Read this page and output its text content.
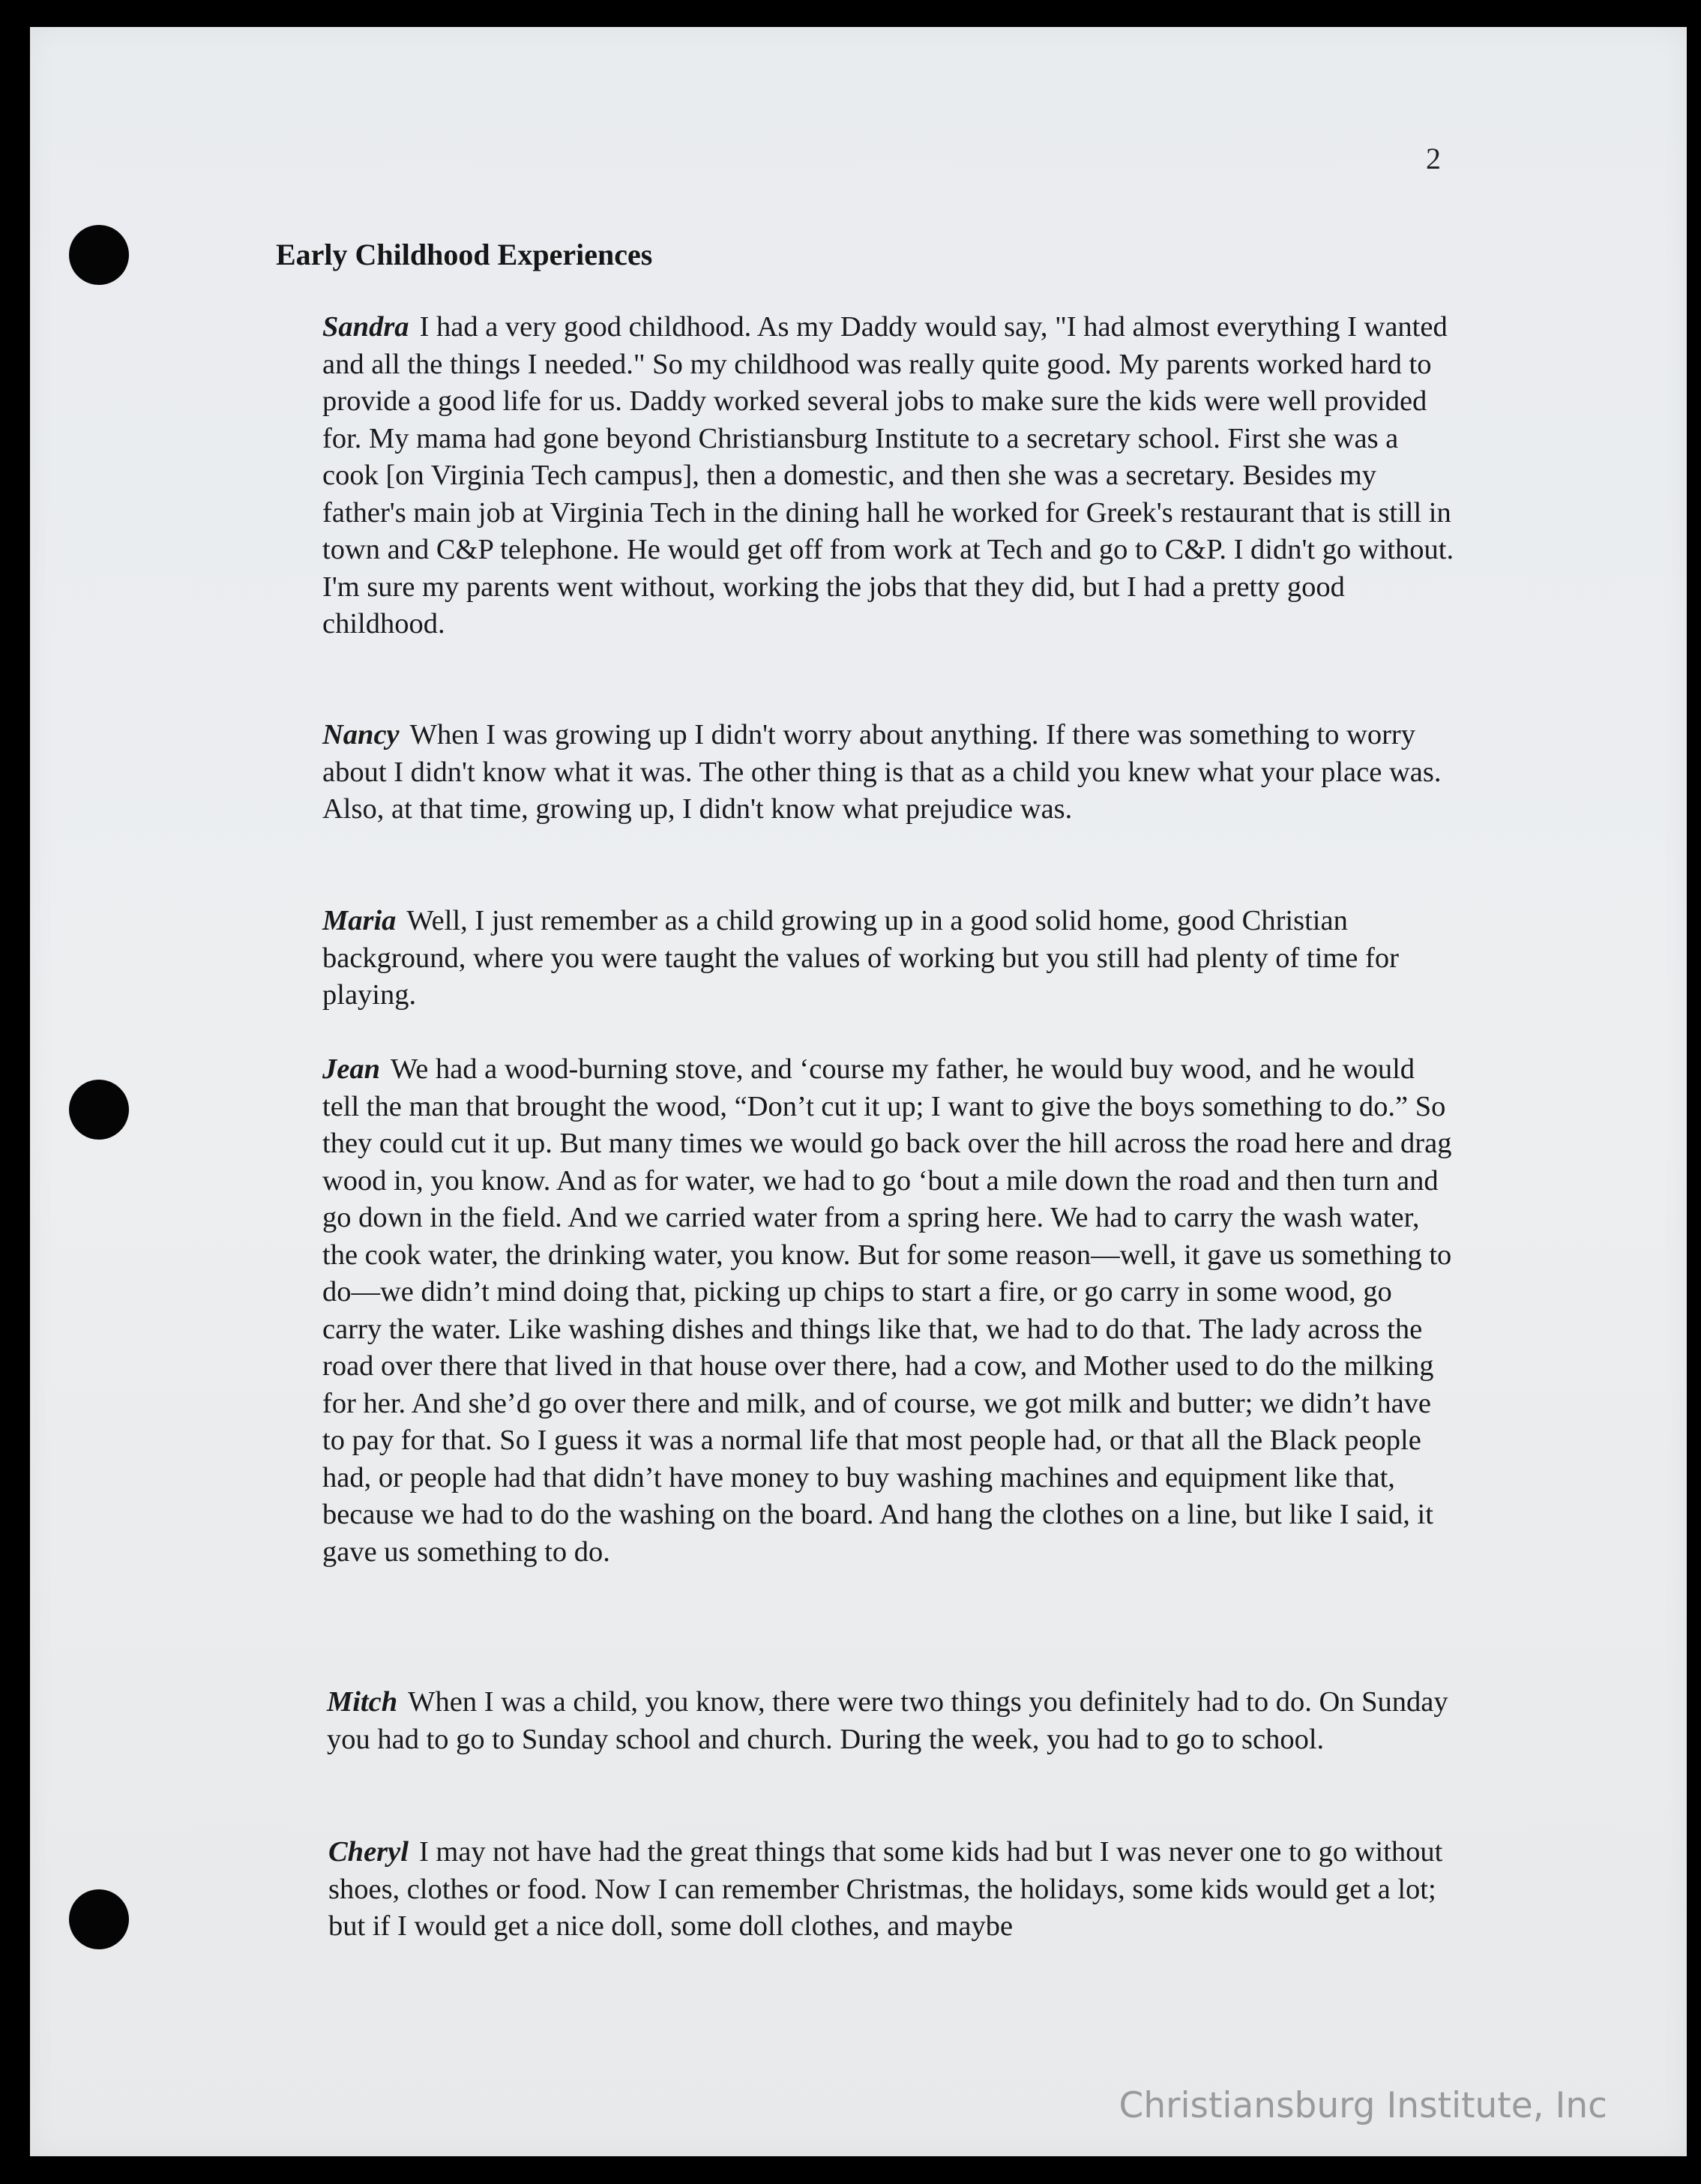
2
Early Childhood Experiences

Sandra I had a very good childhood. As my Daddy would say, "I had almost everything I wanted and all the things I needed." So my childhood was really quite good. My parents worked hard to provide a good life for us. Daddy worked several jobs to make sure the kids were well provided for. My mama had gone beyond Christiansburg Institute to a secretary school. First she was a cook [on Virginia Tech campus], then a domestic, and then she was a secretary. Besides my father's main job at Virginia Tech in the dining hall he worked for Greek's restaurant that is still in town and C&P telephone. He would get off from work at Tech and go to C&P. I didn't go without. I'm sure my parents went without, working the jobs that they did, but I had a pretty good childhood.

Nancy When I was growing up I didn't worry about anything. If there was something to worry about I didn't know what it was. The other thing is that as a child you knew what your place was. Also, at that time, growing up, I didn't know what prejudice was.

Maria Well, I just remember as a child growing up in a good solid home, good Christian background, where you were taught the values of working but you still had plenty of time for playing.

Jean We had a wood-burning stove, and ‘course my father, he would buy wood, and he would tell the man that brought the wood, “Don’t cut it up; I want to give the boys something to do.” So they could cut it up. But many times we would go back over the hill across the road here and drag wood in, you know. And as for water, we had to go ‘bout a mile down the road and then turn and go down in the field. And we carried water from a spring here. We had to carry the wash water, the cook water, the drinking water, you know. But for some reason—well, it gave us something to do—we didn’t mind doing that, picking up chips to start a fire, or go carry in some wood, go carry the water. Like washing dishes and things like that, we had to do that. The lady across the road over there that lived in that house over there, had a cow, and Mother used to do the milking for her. And she’d go over there and milk, and of course, we got milk and butter; we didn’t have to pay for that. So I guess it was a normal life that most people had, or that all the Black people had, or people had that didn’t have money to buy washing machines and equipment like that, because we had to do the washing on the board. And hang the clothes on a line, but like I said, it gave us something to do.

Mitch When I was a child, you know, there were two things you definitely had to do. On Sunday you had to go to Sunday school and church. During the week, you had to go to school.

Cheryl I may not have had the great things that some kids had but I was never one to go without shoes, clothes or food. Now I can remember Christmas, the holidays, some kids would get a lot; but if I would get a nice doll, some doll clothes, and maybe

Christiansburg Institute, Inc
